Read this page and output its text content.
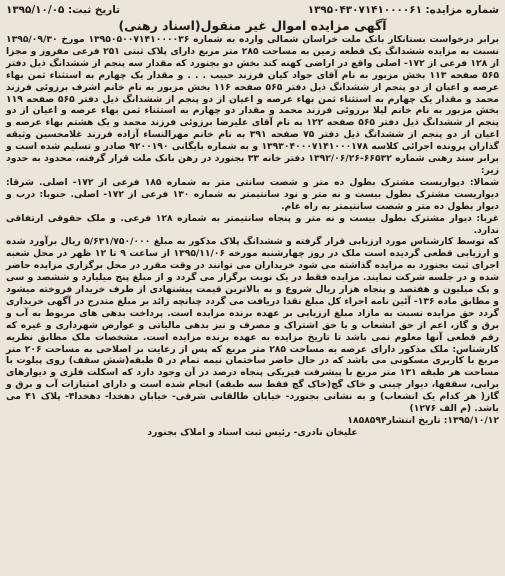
شماره مزایده: ۱۳۹۵۰۴۳۰۷۱۴۱۰۰۰۰۶۱
تاریخ ثبت: ۱۳۹۵/۱۰/۰۵
آگهی مزایده اموال غیر منقول(اسناد رهنی)

برابر درخواست بستانکار بانک ملت خراسان شمالی وارده به شماره ۱۳۹۵۰۵۰۰۷۱۴۱۰۰۰۰۳۶ مورخ ۱۳۹۵/۰۹/۳۰ نسبت به مزایده ششدانگ یک قطعه زمین به مساحت ۲۸۵ متر مربع دارای پلاک ثبتی ۲۵۱ فرعی مفروز و مجزا از ۱۲۸ فرعی از ۱۷۲- اصلی واقع در اراضی کهنه کند بخش دو بجنورد که مقدار سه پنجم از ششدانگ ذیل دفتر ۵۶۵ صفحه ۱۱۳ بخش مزبور به نام آقای جواد کیان فرزند حبیب . . . و مقدار یک چهارم به استثناء ثمن بهاء عرصه و اعیان از دو پنجم از ششدانگ ذیل دفتر ۵۶۵ صفحه ۱۱۶ بخش مزبور به نام خانم اشرف برزوئی فرزند محمد و مقدار یک چهارم به استثناء ثمن بهاء عرصه و اعیان از دو پنجم از ششدانگ ذیل دفتر ۵۶۵ صفحه ۱۱۹ بخش مزبور به نام خانم لیلا برزوئی فرزند محمد و مقدار دو چهارم به استثناء ثمن بهاء عرصه و اعیان از دو پنجم از ششدانگ ذیل دفتر ۵۶۵ صفحه ۱۲۲ به نام آقای علیرضا برزوئی فرزند محمد و یک هشتم بهاء عرصه و اعیان از دو پنجم از ششدانگ ذیل دفتر ۷۵ صفحه ۳۹۱ به نام خانم مهرالنساء آزاده فرزند غلامحسین وثیقه گذاران پرونده اجرائی کلاسه ۱۳۹۳۰۴۰۰۰۷۱۴۱۰۰۰۱۷۸ و به شماره بایگانی ۹۲۰۰۱۹۰ صادر و تسلیم شده است و برابر سند رهنی شماره ۶۶۵۳۲-۱۳۹۲/۰۶/۲۶ دفتر خانه ۳۳ بجنورد در رهن بانک ملت قرار گرفته، محدود به حدود زیر:

شمالا: دیواریست مشترک بطول ده متر و شصت سانتی متر به شماره ۱۸۵ فرعی از ۱۷۲- اصلی. شرقا: دیواریست مشترک بطول بیست و نه متر و نود سانتیمتر به شماره ۱۳۰ فرعی از ۱۷۲- اصلی. جنوبا: درب و دیوار بطول ده متر و شصت سانتیمتر به راه عام.

غربا: دیوار مشترک بطول بیست و نه متر و پنجاه سانتیمتر به شماره ۱۲۸ فرعی. و ملک حقوقی ارتفاقی ندارد.

که توسط کارشناس مورد ارزیابی قرار گرفته و ششدانگ پلاک مذکور به مبلغ ۵/۶۳۱/۷۵۰/۰۰۰ ریال برآورد شده و ارزیابی قطعی گردیده است ملک در روز چهارشنبه مورخه ۱۳۹۵/۱۱/۰۶ از ساعت ۹ تا ۱۲ ظهر در محل شعبه اجرای ثبت بجنورد به مزایده گذاشته می شود خریداران می توانند در وقت مقرر در محل برگزاری مزایده حاضر شده و در جلسه شرکت نمایند. مزایده فقط در یک نوبت برگزار می گردد و از مبلغ پنج میلیارد و ششصد و سی و یک میلیون و هفتصد و پنجاه هزار ریال شروع و به بالاترین قیمت پیشنهادی از طرف خریدار فروخته میشود و مطابق ماده ۱۳۶- آئین نامه اجراء کل مبلغ نقدا دریافت می گردد چنانچه زائد بر مبلغ مندرج در آگهی خریداری گردد حق مزایده نسبت به مازاد مبلغ ارزیابی بر عهده برنده مزایده است. پرداخت بدهی های مربوط به آب و برق و گاز، اعم از حق انشعاب و یا حق اشتراک و مصرف و نیز بدهی مالیاتی و عوارض شهرداری و غیره که رقم قطعی آنها معلوم نمی باشد تا تاریخ مزایده به عهده برنده مزایده است. مشخصات ملک مطابق نظریه کارشناس: ملک مذکور دارای عرصه به مساحت ۲۸۵ متر مربع که پس از رعایت بر اصلاحی به مساحت ۲۰۶ متر مربع با کاربری مسکونی می باشد که در حال حاضر ساختمان نیمه تمام در ۵ طبقه(شش سقف) روی پیلوت با مساحت هر طبقه ۱۳۱ متر مربع با پیشرفت فیزیکی پنجاه درصد در آن وجود دارد که اسکلت فلزی و دیوارهای برابی، سقفها، دیوار چینی و خاک گچ(خاک گچ فقط سه طبقه) انجام شده است و دارای امتیازات آب و برق و گاز( هر کدام یک انشعاب) و به نشانی بجنورد- خیابان طالقانی شرقی- خیابان دهخدا- دهخدا۴- پلاک ۴۱ می باشد. (م الف ۱۲۷۶)

۱۳۹۵/۱۰/۱۲: تاریخ انتشار۱۸۵۸۵۹۴
علیخان نادری- رئیس ثبت اسناد و املاک بجنورد
